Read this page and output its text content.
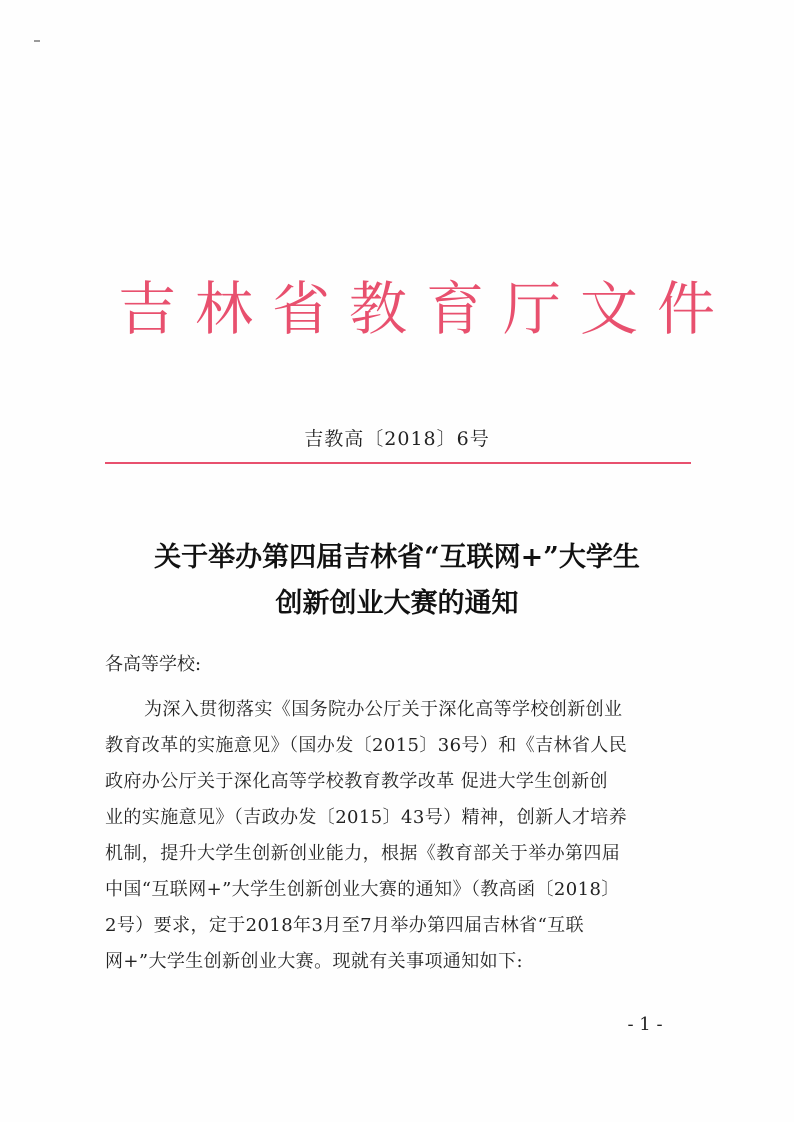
吉林省教育厅文件
吉教高〔2018〕6号
关于举办第四届吉林省“互联网+”大学生
创新创业大赛的通知
各高等学校:
为深入贯彻落实《国务院办公厅关于深化高等学校创新创业
教育改革的实施意见》（国办发〔2015〕36号）和《吉林省人民
政府办公厅关于深化高等学校教育教学改革 促进大学生创新创
业的实施意见》（吉政办发〔2015〕43号）精神，创新人才培养
机制，提升大学生创新创业能力，根据《教育部关于举办第四届
中国“互联网+”大学生创新创业大赛的通知》（教高函〔2018〕
2号）要求，定于2018年3月至7月举办第四届吉林省“互联
网+”大学生创新创业大赛。现就有关事项通知如下:
- 1 -
